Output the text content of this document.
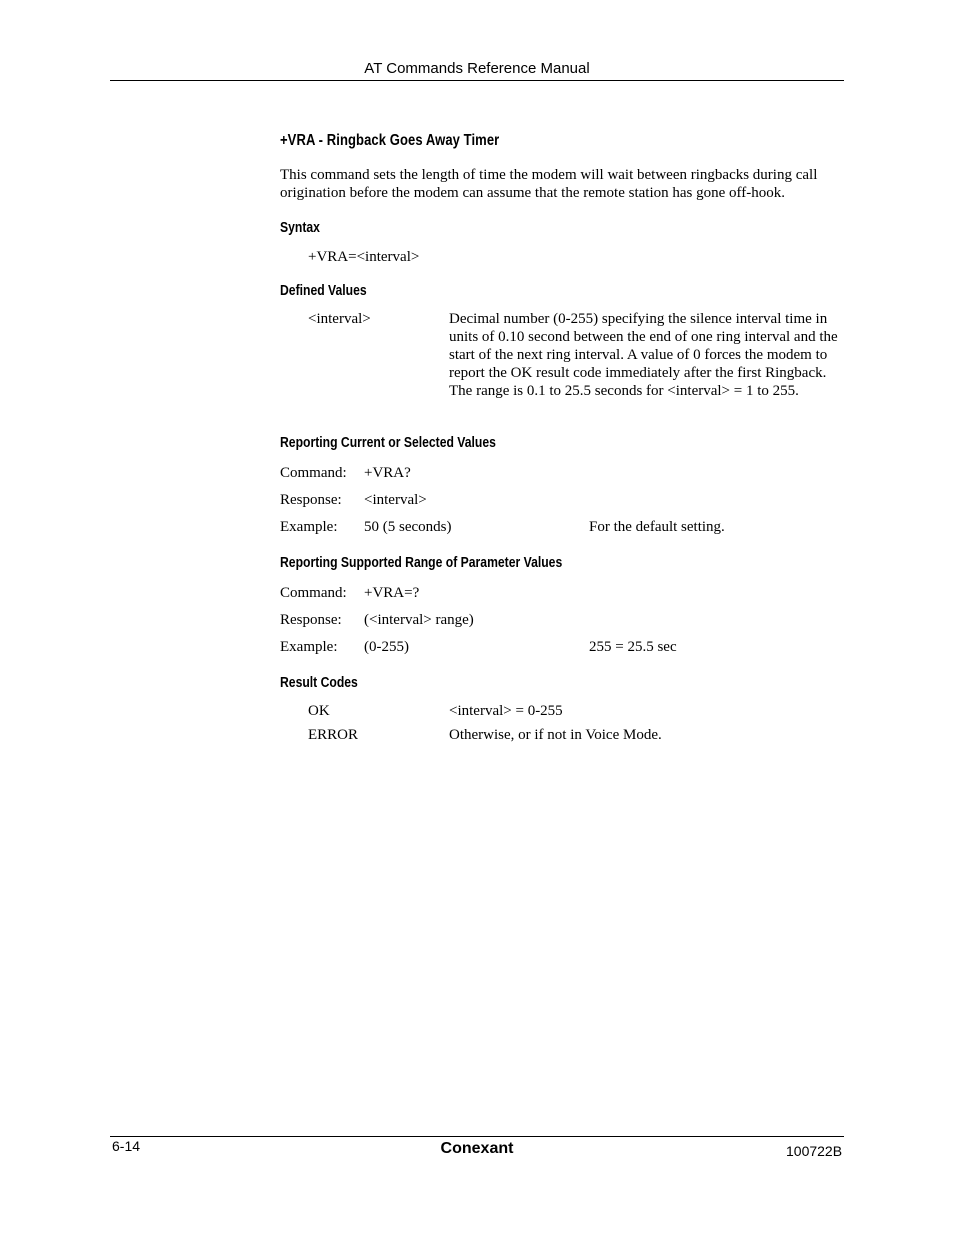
AT Commands Reference Manual
+VRA - Ringback Goes Away Timer
This command sets the length of time the modem will wait between ringbacks during call origination before the modem can assume that the remote station has gone off-hook.
Syntax
+VRA=<interval>
Defined Values
<interval>	Decimal number (0-255) specifying the silence interval time in units of 0.10 second between the end of one ring interval and the start of the next ring interval. A value of 0 forces the modem to report the OK result code immediately after the first Ringback. The range is 0.1 to 25.5 seconds for <interval> = 1 to 255.
Reporting Current or Selected Values
Command: +VRA?
Response: <interval>
Example: 50 (5 seconds)	For the default setting.
Reporting Supported Range of Parameter Values
Command: +VRA=?
Response: (<interval> range)
Example: (0-255)	255 = 25.5 sec
Result Codes
OK	<interval> = 0-255
ERROR	Otherwise, or if not in Voice Mode.
6-14	Conexant	100722B
